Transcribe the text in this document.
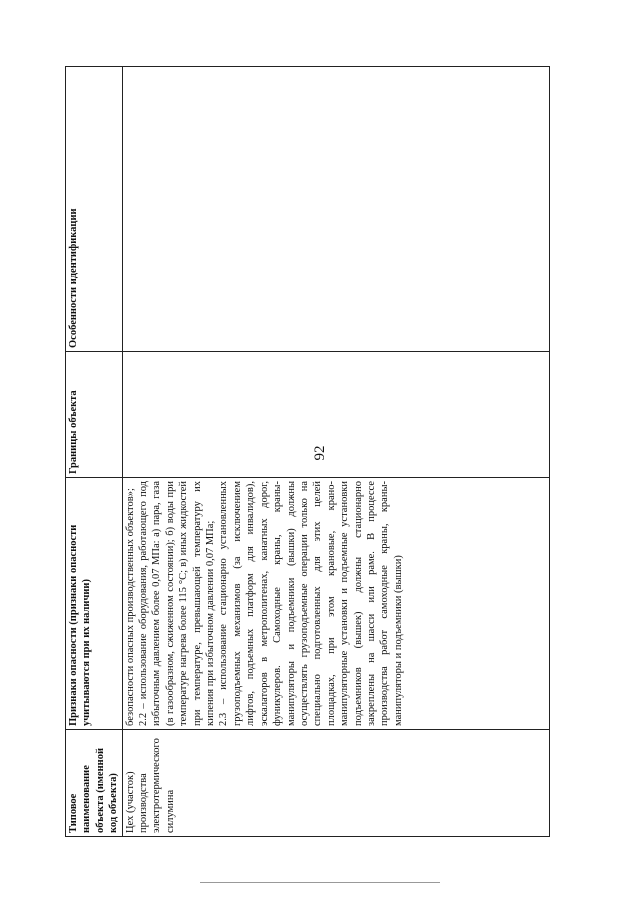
92
Типовое наименование объекта (именной код объекта)	Признаки опасности (признаки опасности учитываются при их наличии)	Границы объекта	Особенности идентификации
Цех (участок) производства электротермического силумина	безопасности опасных производственных объектов»; 2.2 – использование оборудования, работающего под избыточным давлением более 0,07 МПа: а) пара, газа (в газообразном, сжиженном состоянии); б) воды при температуре нагрева более 115 °С; в) иных жидкостей при температуре, превышающей температуру их кипения при избыточном давлении 0,07 МПа; 2.3 – использование стационарно установленных грузоподъемных механизмов (за исключением лифтов, подъемных платформ для инвалидов), эскалаторов в метрополитенах, канатных дорог, фуникулеров. Самоходные краны, краны-манипуляторы и подъемники (вышки) должны осуществлять грузоподъемные операции только на специально подготовленных для этих целей площадках, при этом крановые, крано-манипуляторные установки и подъемные установки подъемников (вышек) должны стационарно закреплены на шасси или раме. В процессе производства работ самоходные краны, краны-манипуляторы и подъемники (вышки)		
